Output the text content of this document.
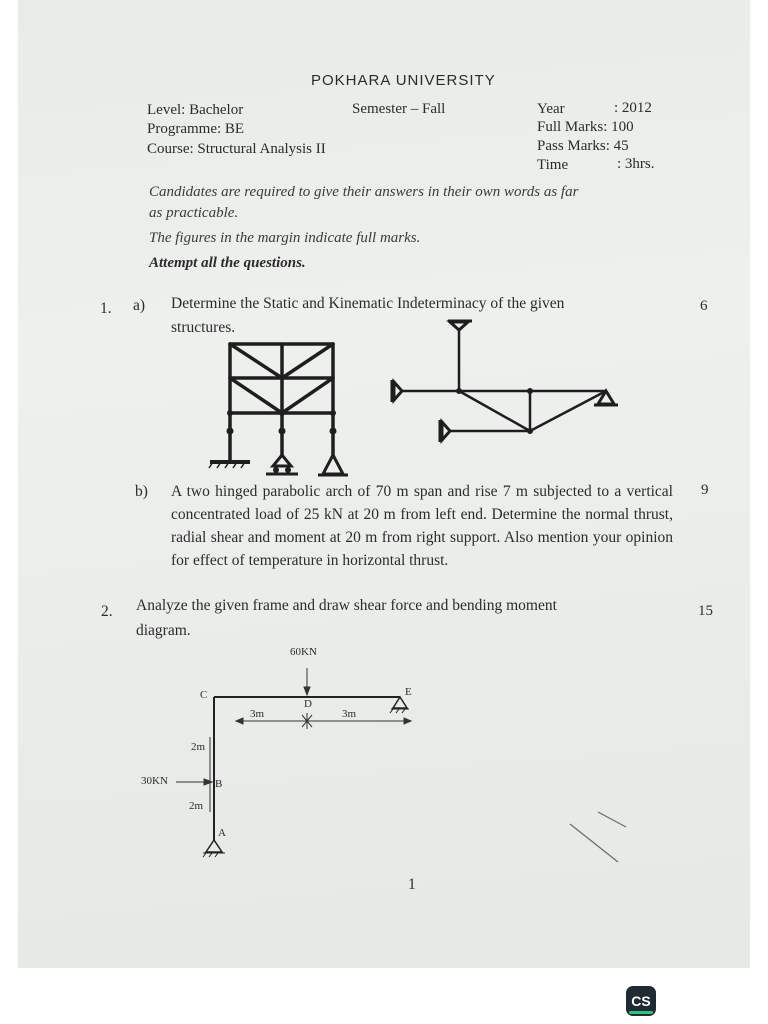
POKHARA UNIVERSITY
Level: Bachelor	Semester – Fall	Year	: 2012
Programme: BE	Full Marks: 100
Course: Structural Analysis II	Pass Marks: 45
Time	: 3hrs.
Candidates are required to give their answers in their own words as far
as practicable.
The figures in the margin indicate full marks.
Attempt all the questions.
1. a) Determine the Static and Kinematic Indeterminacy of the given
structures.
6
b) A two hinged parabolic arch of 70 m span and rise 7 m subjected to a vertical concentrated load of 25 kN at 20 m from left end. Determine the normal thrust, radial shear and moment at 20 m from right support. Also mention your opinion for effect of temperature in horizontal thrust.
9
2. Analyze the given frame and draw shear force and bending moment
diagram.
15
60KN
C
D
E
3m	3m
2m
30KN	B
2m
A
1
CS
